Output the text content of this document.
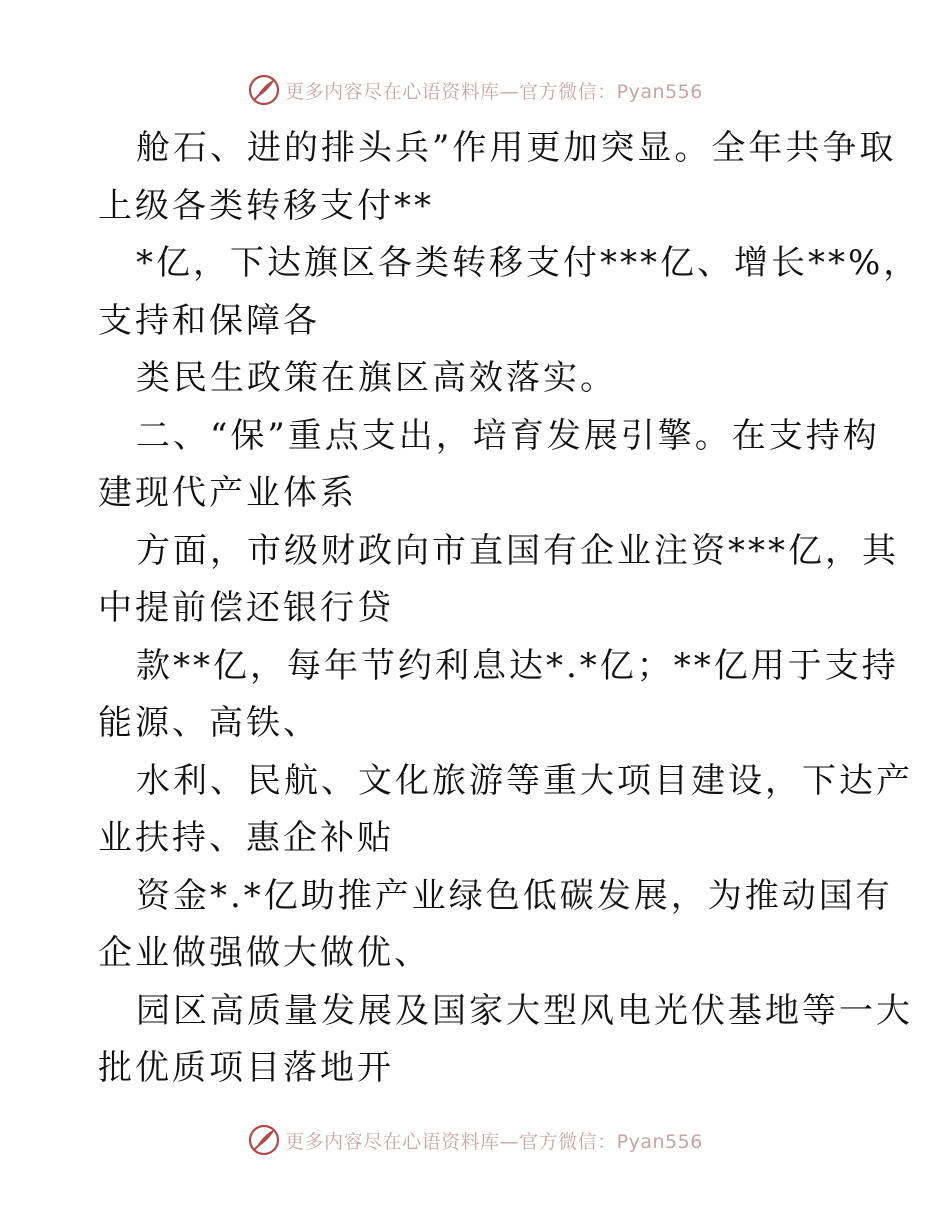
更多内容尽在心语资料库—官方微信：Pyan556
舱石、进的排头兵”作用更加突显。全年共争取
上级各类转移支付**
*亿，下达旗区各类转移支付***亿、增长**%，
支持和保障各
类民生政策在旗区高效落实。
二、“保”重点支出，培育发展引擎。在支持构
建现代产业体系
方面，市级财政向市直国有企业注资***亿，其
中提前偿还银行贷
款**亿，每年节约利息达*.*亿；**亿用于支持
能源、高铁、
水利、民航、文化旅游等重大项目建设，下达产
业扶持、惠企补贴
资金*.*亿助推产业绿色低碳发展，为推动国有
企业做强做大做优、
园区高质量发展及国家大型风电光伏基地等一大
批优质项目落地开
更多内容尽在心语资料库—官方微信：Pyan556
